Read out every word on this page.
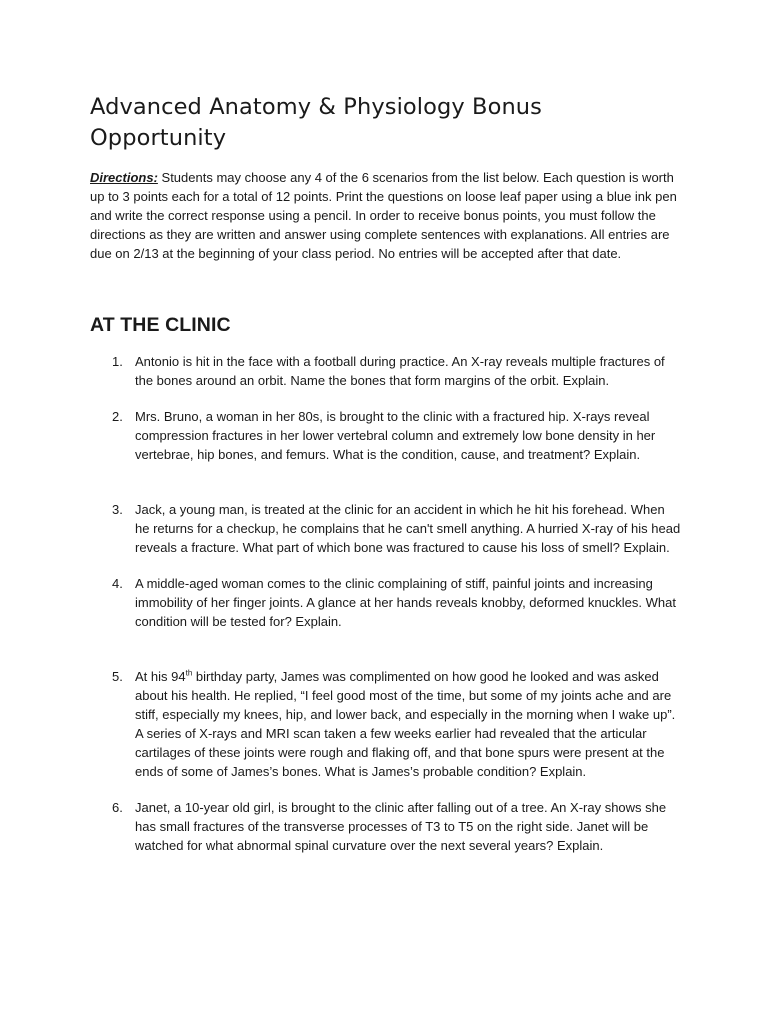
Advanced Anatomy & Physiology Bonus Opportunity

Directions: Students may choose any 4 of the 6 scenarios from the list below. Each question is worth up to 3 points each for a total of 12 points. Print the questions on loose leaf paper using a blue ink pen and write the correct response using a pencil. In order to receive bonus points, you must follow the directions as they are written and answer using complete sentences with explanations. All entries are due on 2/13 at the beginning of your class period. No entries will be accepted after that date.

AT THE CLINIC
1. Antonio is hit in the face with a football during practice. An X-ray reveals multiple fractures of the bones around an orbit. Name the bones that form margins of the orbit. Explain.
2. Mrs. Bruno, a woman in her 80s, is brought to the clinic with a fractured hip. X-rays reveal compression fractures in her lower vertebral column and extremely low bone density in her vertebrae, hip bones, and femurs. What is the condition, cause, and treatment? Explain.
3. Jack, a young man, is treated at the clinic for an accident in which he hit his forehead. When he returns for a checkup, he complains that he can't smell anything. A hurried X-ray of his head reveals a fracture. What part of which bone was fractured to cause his loss of smell? Explain.
4. A middle-aged woman comes to the clinic complaining of stiff, painful joints and increasing immobility of her finger joints. A glance at her hands reveals knobby, deformed knuckles. What condition will be tested for? Explain.
5. At his 94th birthday party, James was complimented on how good he looked and was asked about his health. He replied, “I feel good most of the time, but some of my joints ache and are stiff, especially my knees, hip, and lower back, and especially in the morning when I wake up”. A series of X-rays and MRI scan taken a few weeks earlier had revealed that the articular cartilages of these joints were rough and flaking off, and that bone spurs were present at the ends of some of James’s bones. What is James’s probable condition? Explain.
6. Janet, a 10-year old girl, is brought to the clinic after falling out of a tree. An X-ray shows she has small fractures of the transverse processes of T3 to T5 on the right side. Janet will be watched for what abnormal spinal curvature over the next several years? Explain.
